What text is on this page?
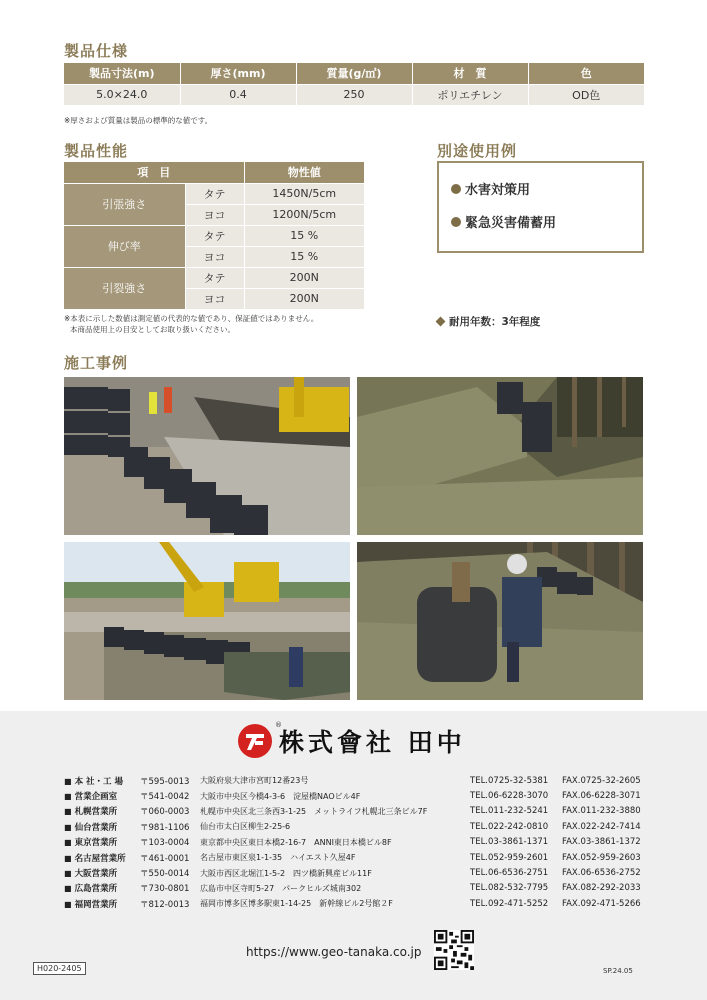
製品仕様
製品寸法(m)	厚さ(mm)	質量(g/㎡)	材　質	色
5.0×24.0	0.4	250	ポリエチレン	OD色
※厚さおよび質量は製品の標準的な値です。
製品性能
項　目		物性値
引張強さ	タテ	1450N/5cm
	ヨコ	1200N/5cm
伸び率	タテ	15 %
	ヨコ	15 %
引裂強さ	タテ	200N
	ヨコ	200N
※本表に示した数値は測定値の代表的な値であり、保証値ではありません。
本商品使用上の目安としてお取り扱いください。
別途使用例
水害対策用
緊急災害備蓄用
耐用年数：3年程度
施工事例
株式會社 田中
®
■ 本 社・工 場	〒595-0013	大阪府泉大津市宮町12番23号	TEL.0725-32-5381	FAX.0725-32-2605
■ 営業企画室	〒541-0042	大阪市中央区今橋4-3-6　淀屋橋NAOビル4F	TEL.06-6228-3070	FAX.06-6228-3071
■ 札幌営業所	〒060-0003	札幌市中央区北三条西3-1-25　メットライフ札幌北三条ビル7F	TEL.011-232-5241	FAX.011-232-3880
■ 仙台営業所	〒981-1106	仙台市太白区柳生2-25-6	TEL.022-242-0810	FAX.022-242-7414
■ 東京営業所	〒103-0004	東京都中央区東日本橋2-16-7　ANNI東日本橋ビル8F	TEL.03-3861-1371	FAX.03-3861-1372
■ 名古屋営業所	〒461-0001	名古屋市東区泉1-1-35　ハイエスト久屋4F	TEL.052-959-2601	FAX.052-959-2603
■ 大阪営業所	〒550-0014	大阪市西区北堀江1-5-2　四ツ橋新興産ビル11F	TEL.06-6536-2751	FAX.06-6536-2752
■ 広島営業所	〒730-0801	広島市中区寺町5-27　パークヒルズ城南302	TEL.082-532-7795	FAX.082-292-2033
■ 福岡営業所	〒812-0013	福岡市博多区博多駅東1-14-25　新幹線ビル2号館２F	TEL.092-471-5252	FAX.092-471-5266
https://www.geo-tanaka.co.jp
H020-2405	SP.24.05
